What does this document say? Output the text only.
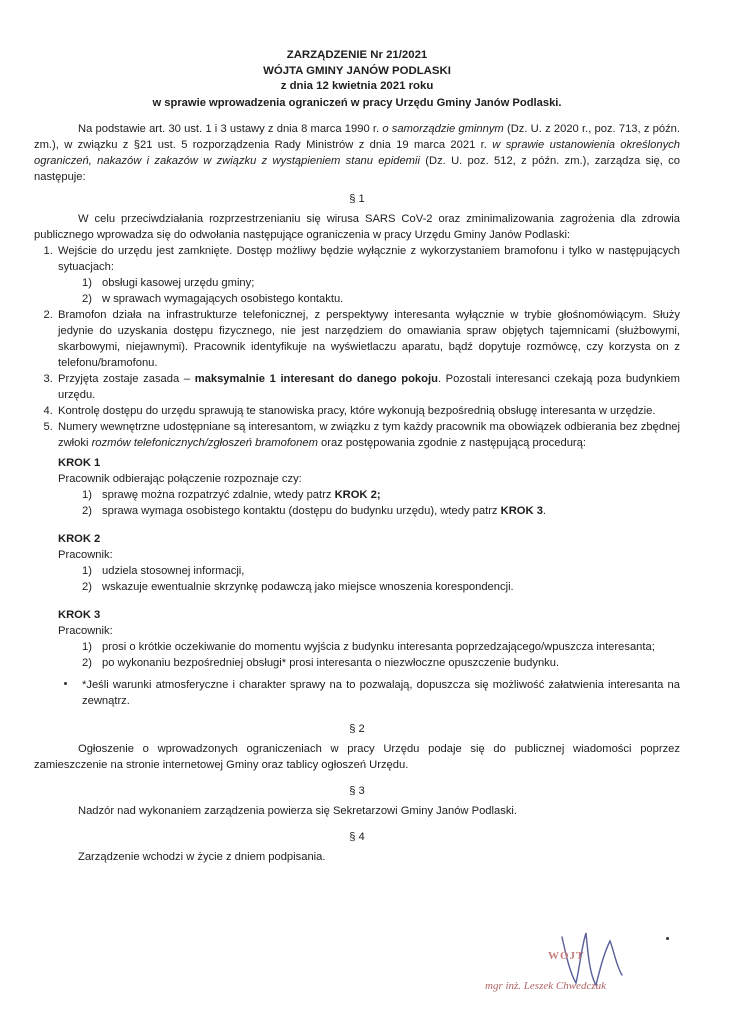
ZARZĄDZENIE Nr 21/2021
WÓJTA GMINY JANÓW PODLASKI
z dnia 12 kwietnia 2021 roku
w sprawie wprowadzenia ograniczeń w pracy Urzędu Gminy Janów Podlaski.

Na podstawie art. 30 ust. 1 i 3 ustawy z dnia 8 marca 1990 r. o samorządzie gminnym (Dz. U. z 2020 r., poz. 713, z późn. zm.), w związku z §21 ust. 5 rozporządzenia Rady Ministrów z dnia 19 marca 2021 r. w sprawie ustanowienia określonych ograniczeń, nakazów i zakazów w związku z wystąpieniem stanu epidemii (Dz. U. poz. 512, z późn. zm.), zarządza się, co następuje:

§ 1

W celu przeciwdziałania rozprzestrzenianiu się wirusa SARS CoV-2 oraz zminimalizowania zagrożenia dla zdrowia publicznego wprowadza się do odwołania następujące ograniczenia w pracy Urzędu Gminy Janów Podlaski:

1. Wejście do urzędu jest zamknięte. Dostęp możliwy będzie wyłącznie z wykorzystaniem bramofonu i tylko w następujących sytuacjach:
1) obsługi kasowej urzędu gminy;
2) w sprawach wymagających osobistego kontaktu.
2. Bramofon działa na infrastrukturze telefonicznej, z perspektywy interesanta wyłącznie w trybie głośnomówiącym. Służy jedynie do uzyskania dostępu fizycznego, nie jest narzędziem do omawiania spraw objętych tajemnicami (służbowymi, skarbowymi, niejawnymi). Pracownik identyfikuje na wyświetlaczu aparatu, bądź dopytuje rozmówcę, czy korzysta on z telefonu/bramofonu.
3. Przyjęta zostaje zasada – maksymalnie 1 interesant do danego pokoju. Pozostali interesanci czekają poza budynkiem urzędu.
4. Kontrolę dostępu do urzędu sprawują te stanowiska pracy, które wykonują bezpośrednią obsługę interesanta w urzędzie.
5. Numery wewnętrzne udostępniane są interesantom, w związku z tym każdy pracownik ma obowiązek odbierania bez zbędnej zwłoki rozmów telefonicznych/zgłoszeń bramofonem oraz postępowania zgodnie z następującą procedurą:
KROK 1
Pracownik odbierając połączenie rozpoznaje czy:
1) sprawę można rozpatrzyć zdalnie, wtedy patrz KROK 2;
2) sprawa wymaga osobistego kontaktu (dostępu do budynku urzędu), wtedy patrz KROK 3.
KROK 2
Pracownik:
1) udziela stosownej informacji,
2) wskazuje ewentualnie skrzynkę podawczą jako miejsce wnoszenia korespondencji.
KROK 3
Pracownik:
1) prosi o krótkie oczekiwanie do momentu wyjścia z budynku interesanta poprzedzającego/wpuszcza interesanta;
2) po wykonaniu bezpośredniej obsługi* prosi interesanta o niezwłoczne opuszczenie budynku.
*Jeśli warunki atmosferyczne i charakter sprawy na to pozwalają, dopuszcza się możliwość załatwienia interesanta na zewnątrz.
§ 2

Ogłoszenie o wprowadzonych ograniczeniach w pracy Urzędu podaje się do publicznej wiadomości poprzez zamieszczenie na stronie internetowej Gminy oraz tablicy ogłoszeń Urzędu.

§ 3

Nadzór nad wykonaniem zarządzenia powierza się Sekretarzowi Gminy Janów Podlaski.

§ 4

Zarządzenie wchodzi w życie z dniem podpisania.

WÓJT
mgr inż. Leszek Chwedczuk
